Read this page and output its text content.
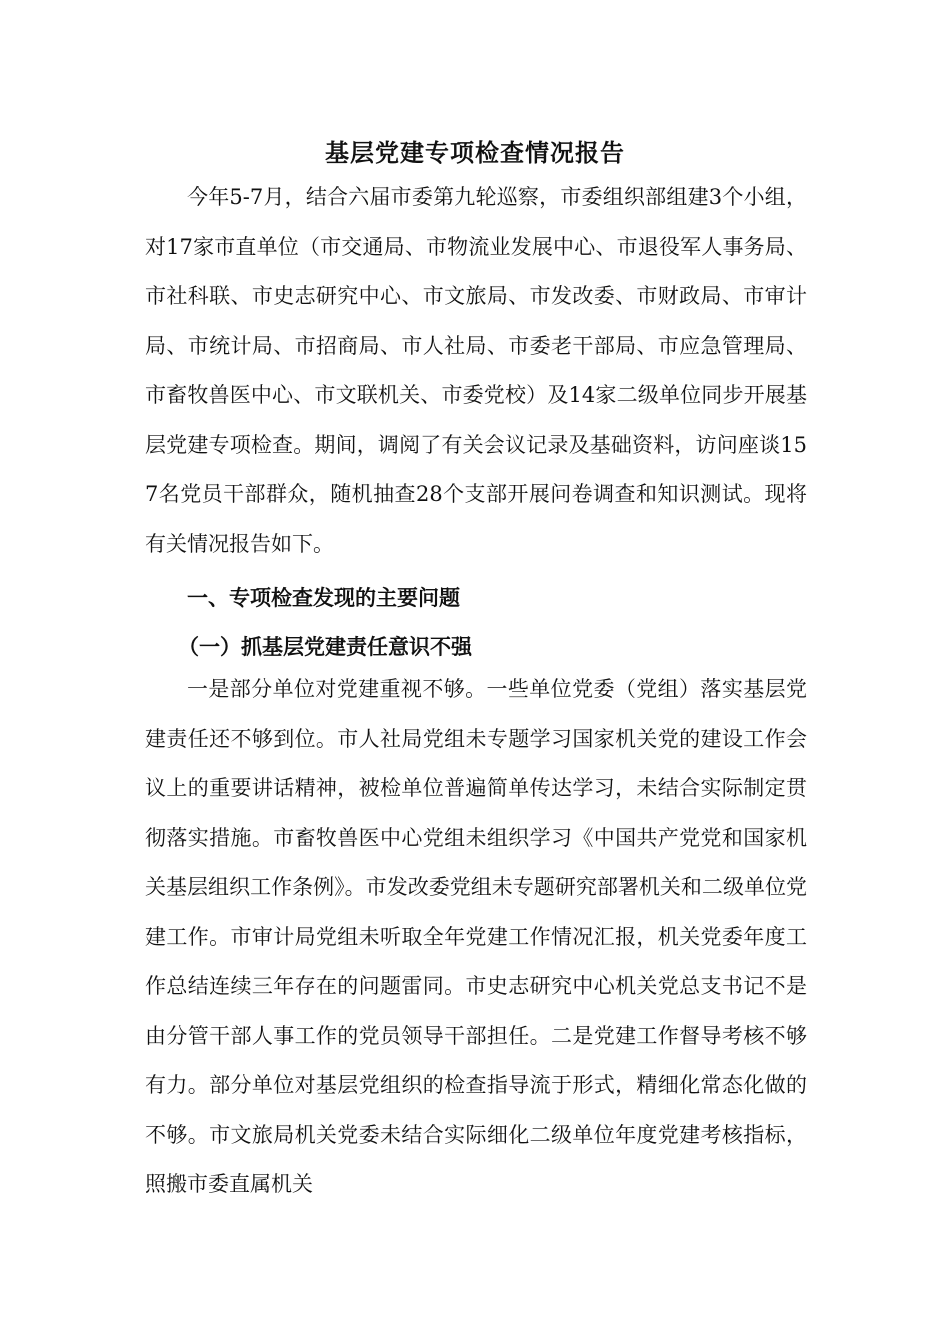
基层党建专项检查情况报告
今年5-7月，结合六届市委第九轮巡察，市委组织部组建3个小组，对17家市直单位（市交通局、市物流业发展中心、市退役军人事务局、市社科联、市史志研究中心、市文旅局、市发改委、市财政局、市审计局、市统计局、市招商局、市人社局、市委老干部局、市应急管理局、市畜牧兽医中心、市文联机关、市委党校）及14家二级单位同步开展基层党建专项检查。期间，调阅了有关会议记录及基础资料，访问座谈157名党员干部群众，随机抽查28个支部开展问卷调查和知识测试。现将有关情况报告如下。
一、专项检查发现的主要问题
（一）抓基层党建责任意识不强
一是部分单位对党建重视不够。一些单位党委（党组）落实基层党建责任还不够到位。市人社局党组未专题学习国家机关党的建设工作会议上的重要讲话精神，被检单位普遍简单传达学习，未结合实际制定贯彻落实措施。市畜牧兽医中心党组未组织学习《中国共产党党和国家机关基层组织工作条例》。市发改委党组未专题研究部署机关和二级单位党建工作。市审计局党组未听取全年党建工作情况汇报，机关党委年度工作总结连续三年存在的问题雷同。市史志研究中心机关党总支书记不是由分管干部人事工作的党员领导干部担任。二是党建工作督导考核不够有力。部分单位对基层党组织的检查指导流于形式，精细化常态化做的不够。市文旅局机关党委未结合实际细化二级单位年度党建考核指标，照搬市委直属机关
